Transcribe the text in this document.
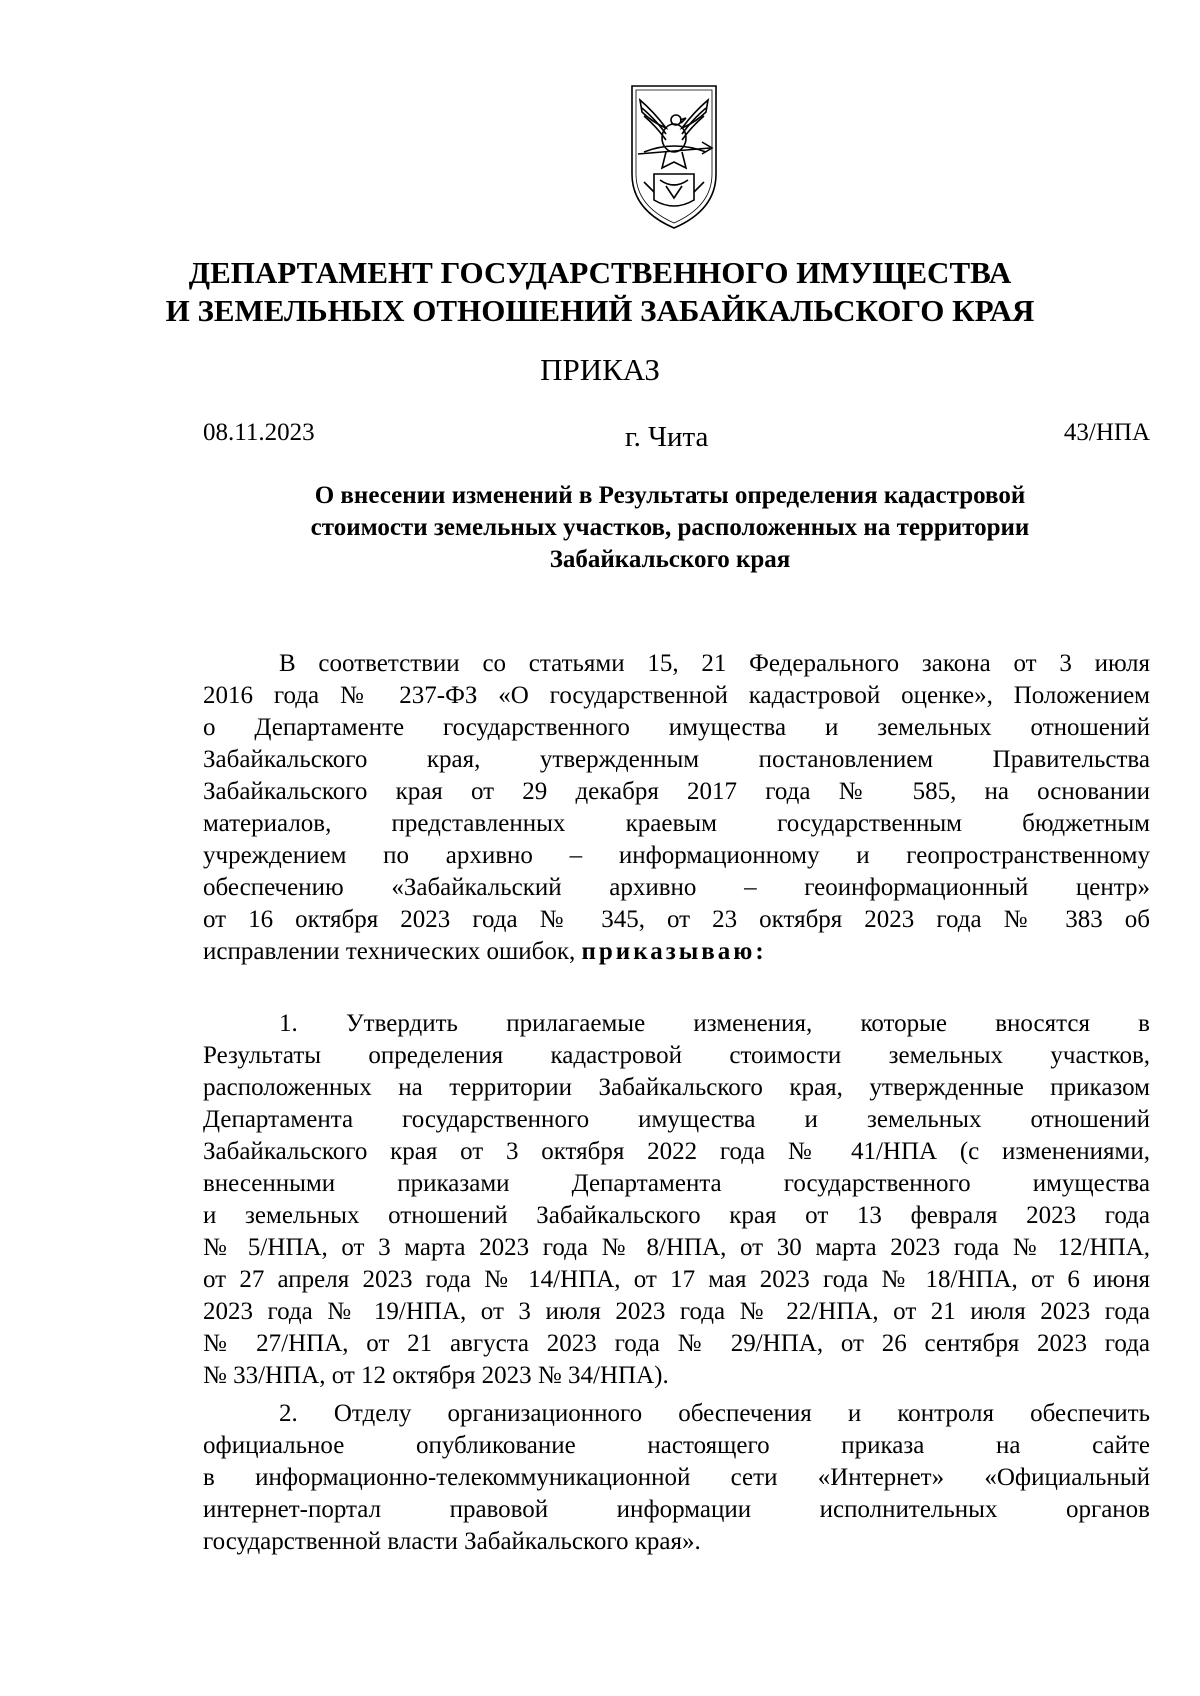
ДЕПАРТАМЕНТ ГОСУДАРСТВЕННОГО ИМУЩЕСТВА
И ЗЕМЕЛЬНЫХ ОТНОШЕНИЙ ЗАБАЙКАЛЬСКОГО КРАЯ
ПРИКАЗ
08.11.2023	г. Чита	43/НПА
О внесении изменений в Результаты определения кадастровой
стоимости земельных участков, расположенных на территории
Забайкальского края
В соответствии со статьями 15, 21 Федерального закона от 3 июля
2016 года № 237-ФЗ «О государственной кадастровой оценке», Положением
о Департаменте государственного имущества и земельных отношений
Забайкальского края, утвержденным постановлением Правительства
Забайкальского края от 29 декабря 2017 года № 585, на основании
материалов, представленных краевым государственным бюджетным
учреждением по архивно – информационному и геопространственному
обеспечению «Забайкальский архивно – геоинформационный центр»
от 16 октября 2023 года № 345, от 23 октября 2023 года № 383 об
исправлении технических ошибок, приказываю:
1. Утвердить прилагаемые изменения, которые вносятся в
Результаты определения кадастровой стоимости земельных участков,
расположенных на территории Забайкальского края, утвержденные приказом
Департамента государственного имущества и земельных отношений
Забайкальского края от 3 октября 2022 года № 41/НПА (с изменениями,
внесенными приказами Департамента государственного имущества
и земельных отношений Забайкальского края от 13 февраля 2023 года
№ 5/НПА, от 3 марта 2023 года № 8/НПА, от 30 марта 2023 года № 12/НПА,
от 27 апреля 2023 года № 14/НПА, от 17 мая 2023 года № 18/НПА, от 6 июня
2023 года № 19/НПА, от 3 июля 2023 года № 22/НПА, от 21 июля 2023 года
№ 27/НПА, от 21 августа 2023 года № 29/НПА, от 26 сентября 2023 года
№ 33/НПА, от 12 октября 2023 № 34/НПА).
2. Отделу организационного обеспечения и контроля обеспечить
официальное опубликование настоящего приказа на сайте
в информационно-телекоммуникационной сети «Интернет» «Официальный
интернет-портал правовой информации исполнительных органов
государственной власти Забайкальского края».
